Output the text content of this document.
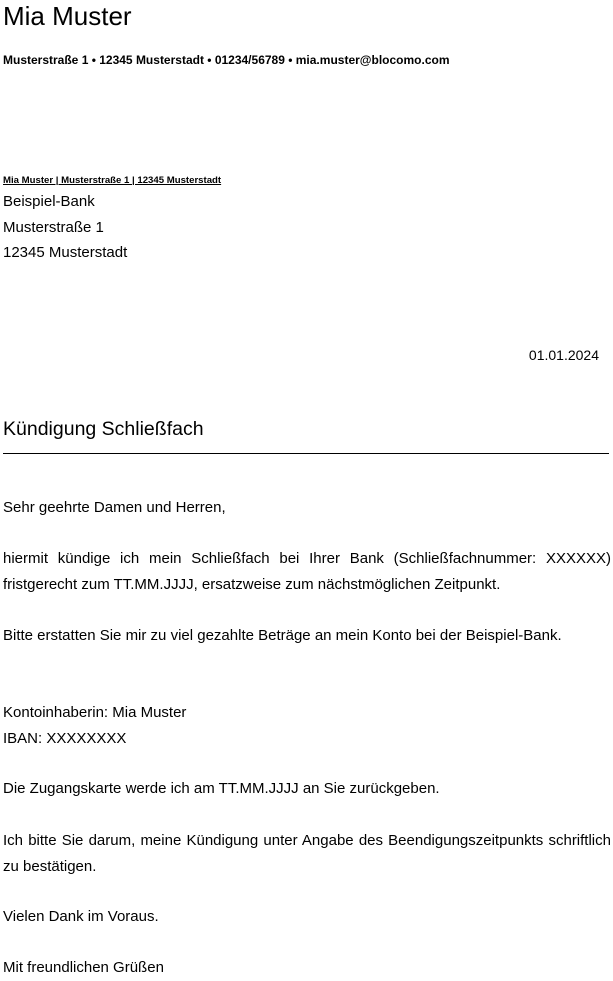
Mia Muster
Musterstraße 1 • 12345 Musterstadt • 01234/56789 • mia.muster@blocomo.com
Mia Muster | Musterstraße 1 | 12345 Musterstadt
Beispiel-Bank
Musterstraße 1
12345 Musterstadt
01.01.2024
Kündigung Schließfach
Sehr geehrte Damen und Herren,
hiermit kündige ich mein Schließfach bei Ihrer Bank (Schließfachnummer: XXXXXX) fristgerecht zum TT.MM.JJJJ, ersatzweise zum nächstmöglichen Zeitpunkt.
Bitte erstatten Sie mir zu viel gezahlte Beträge an mein Konto bei der Beispiel-Bank.
Kontoinhaberin: Mia Muster
IBAN: XXXXXXXX
Die Zugangskarte werde ich am TT.MM.JJJJ an Sie zurückgeben.
Ich bitte Sie darum, meine Kündigung unter Angabe des Beendigungszeitpunkts schriftlich zu bestätigen.
Vielen Dank im Voraus.
Mit freundlichen Grüßen
